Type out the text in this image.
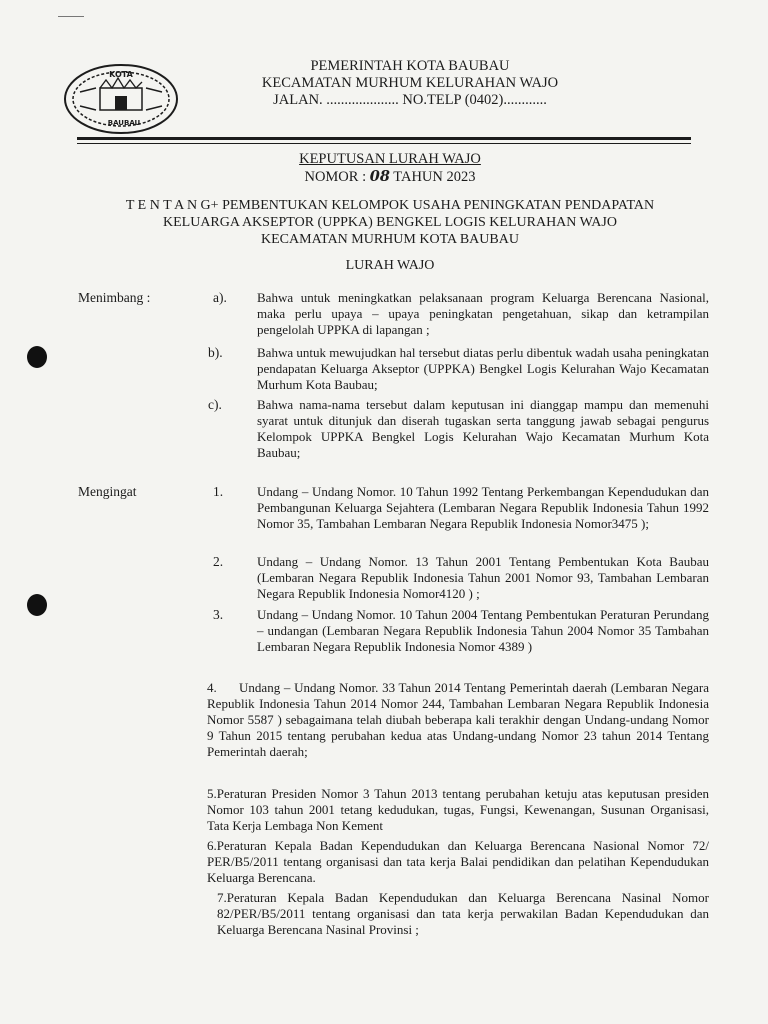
KOTA
BAUBAU
PEMERINTAH KOTA BAUBAU
KECAMATAN MURHUM KELURAHAN WAJO
JALAN. .................... NO.TELP (0402)............
KEPUTUSAN LURAH WAJO
NOMOR : 08 TAHUN 2023
T E N T A N G+ PEMBENTUKAN KELOMPOK USAHA PENINGKATAN PENDAPATAN
KELUARGA AKSEPTOR (UPPKA) BENGKEL LOGIS KELURAHAN WAJO
KECAMATAN MURHUM KOTA BAUBAU
LURAH WAJO
Menimbang :	a). Bahwa untuk meningkatkan pelaksanaan program Keluarga Berencana Nasional, maka perlu upaya – upaya peningkatan pengetahuan, sikap dan ketrampilan pengelolah UPPKA di lapangan ;
b).	Bahwa untuk mewujudkan hal tersebut diatas perlu dibentuk wadah usaha peningkatan pendapatan Keluarga Akseptor (UPPKA) Bengkel Logis Kelurahan Wajo Kecamatan Murhum Kota Baubau;
c).	Bahwa nama-nama tersebut dalam keputusan ini dianggap mampu dan memenuhi syarat untuk ditunjuk dan diserah tugaskan serta tanggung jawab sebagai pengurus Kelompok UPPKA Bengkel Logis Kelurahan Wajo Kecamatan Murhum Kota Baubau;
Mengingat	1.	Undang – Undang Nomor. 10 Tahun 1992 Tentang Perkembangan Kependudukan dan Pembangunan Keluarga Sejahtera (Lembaran Negara Republik Indonesia Tahun 1992 Nomor 35, Tambahan Lembaran Negara Republik Indonesia Nomor3475 );
2.	Undang – Undang Nomor. 13 Tahun 2001 Tentang Pembentukan Kota Baubau (Lembaran Negara Republik Indonesia Tahun 2001 Nomor 93, Tambahan Lembaran Negara Republik Indonesia Nomor4120 ) ;
3.	Undang – Undang Nomor. 10 Tahun 2004 Tentang Pembentukan Peraturan Perundang – undangan (Lembaran Negara Republik Indonesia Tahun 2004 Nomor 35 Tambahan Lembaran Negara Republik Indonesia Nomor 4389 )
4.      Undang – Undang Nomor. 33 Tahun 2014 Tentang Pemerintah daerah (Lembaran Negara Republik Indonesia Tahun 2014 Nomor 244, Tambahan Lembaran Negara Republik Indonesia Nomor 5587 ) sebagaimana telah diubah beberapa kali terakhir dengan Undang-undang Nomor 9 Tahun 2015 tentang perubahan kedua atas Undang-undang Nomor 23 tahun 2014 Tentang Pemerintah daerah;
5.Peraturan Presiden Nomor 3 Tahun 2013 tentang perubahan ketuju atas keputusan presiden Nomor 103 tahun 2001 tetang kedudukan, tugas, Fungsi, Kewenangan, Susunan Organisasi, Tata Kerja Lembaga Non Kement
6.Peraturan Kepala Badan Kependudukan dan Keluarga Berencana Nasional Nomor 72/ PER/B5/2011 tentang organisasi dan tata kerja Balai pendidikan dan pelatihan Kependudukan Keluarga Berencana.
7.Peraturan Kepala Badan Kependudukan dan Keluarga Berencana Nasinal Nomor 82/PER/B5/2011 tentang organisasi dan tata kerja perwakilan Badan Kependudukan dan Keluarga Berencana Nasinal Provinsi ;
